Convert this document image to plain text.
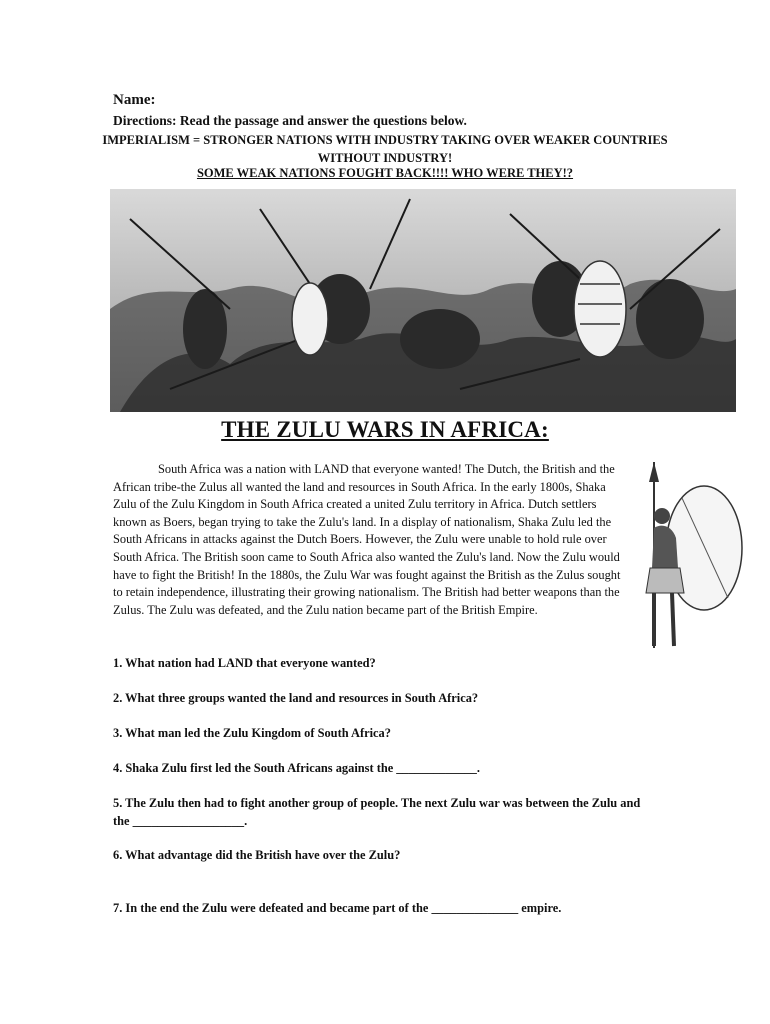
Name:
Directions: Read the passage and answer the questions below.
IMPERIALISM = STRONGER NATIONS WITH INDUSTRY TAKING OVER WEAKER COUNTRIES WITHOUT INDUSTRY!
SOME WEAK NATIONS FOUGHT BACK!!!! WHO WERE THEY!?
THE ZULU WARS IN AFRICA:
South Africa was a nation with LAND that everyone wanted! The Dutch, the British and the African tribe-the Zulus all wanted the land and resources in South Africa. In the early 1800s, Shaka Zulu of the Zulu Kingdom in South Africa created a united Zulu territory in Africa. Dutch settlers known as Boers, began trying to take the Zulu's land. In a display of nationalism, Shaka Zulu led the South Africans in attacks against the Dutch Boers. However, the Zulu were unable to hold rule over South Africa. The British soon came to South Africa also wanted the Zulu's land. Now the Zulu would have to fight the British! In the 1880s, the Zulu War was fought against the British as the Zulus sought to retain independence, illustrating their growing nationalism. The British had better weapons than the Zulus. The Zulu was defeated, and the Zulu nation became part of the British Empire.
1. What nation had LAND that everyone wanted?
2. What three groups wanted the land and resources in South Africa?
3. What man led the Zulu Kingdom of South Africa?
4. Shaka Zulu first led the South Africans against the _____________.
5. The Zulu then had to fight another group of people. The next Zulu war was between the Zulu and the __________________.
6. What advantage did the British have over the Zulu?
7. In the end the Zulu were defeated and became part of the ______________ empire.
